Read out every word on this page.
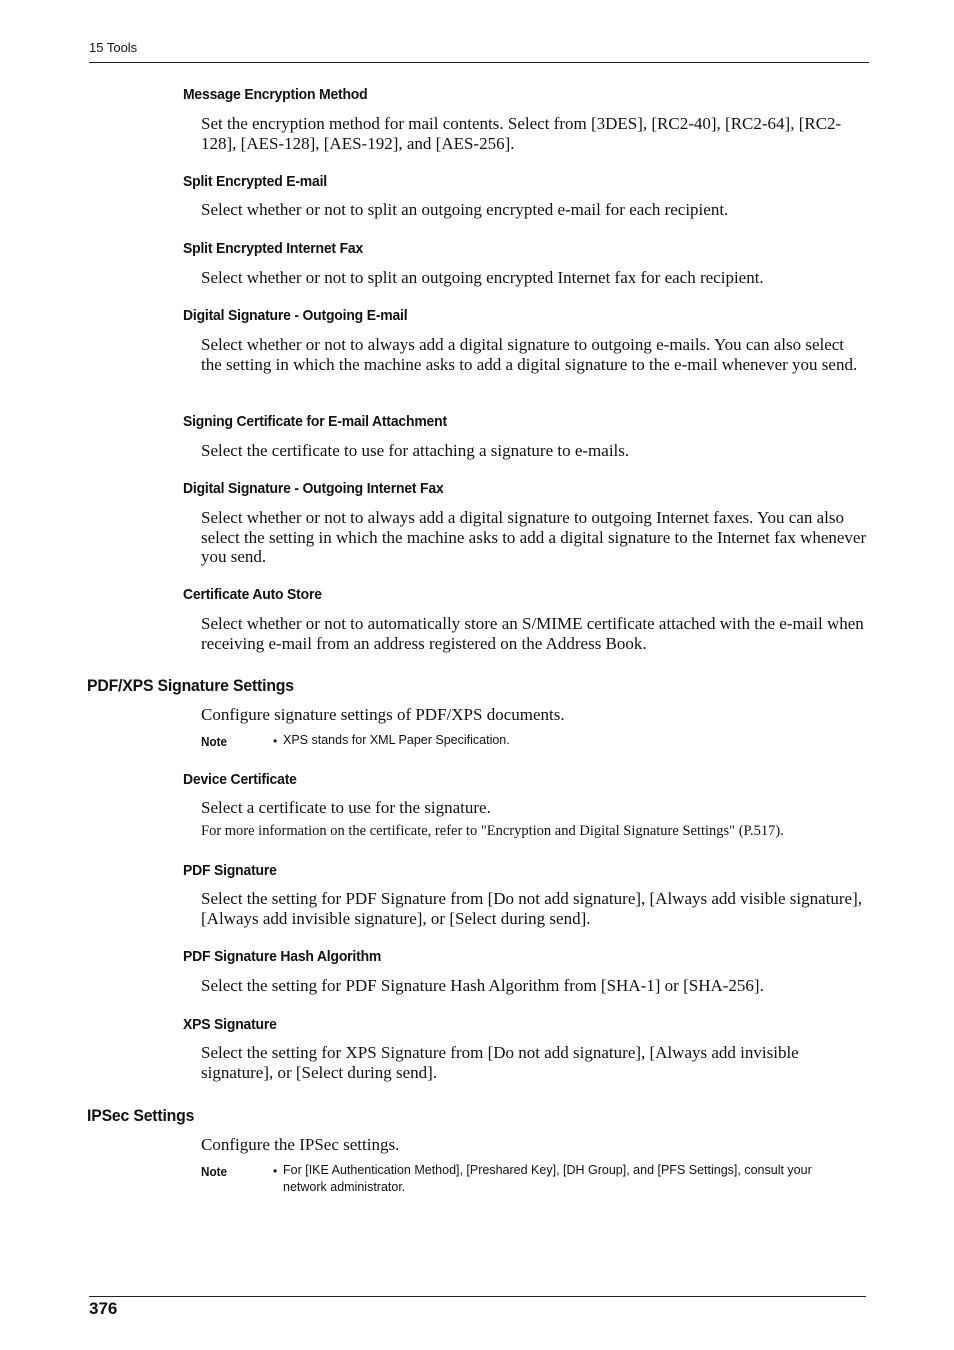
15 Tools
Message Encryption Method
Set the encryption method for mail contents. Select from [3DES], [RC2-40], [RC2-64], [RC2-128], [AES-128], [AES-192], and [AES-256].
Split Encrypted E-mail
Select whether or not to split an outgoing encrypted e-mail for each recipient.
Split Encrypted Internet Fax
Select whether or not to split an outgoing encrypted Internet fax for each recipient.
Digital Signature - Outgoing E-mail
Select whether or not to always add a digital signature to outgoing e-mails. You can also select the setting in which the machine asks to add a digital signature to the e-mail whenever you send.
Signing Certificate for E-mail Attachment
Select the certificate to use for attaching a signature to e-mails.
Digital Signature - Outgoing Internet Fax
Select whether or not to always add a digital signature to outgoing Internet faxes. You can also select the setting in which the machine asks to add a digital signature to the Internet fax whenever you send.
Certificate Auto Store
Select whether or not to automatically store an S/MIME certificate attached with the e-mail when receiving e-mail from an address registered on the Address Book.
PDF/XPS Signature Settings
Configure signature settings of PDF/XPS documents.
Note	• XPS stands for XML Paper Specification.
Device Certificate
Select a certificate to use for the signature.
For more information on the certificate, refer to "Encryption and Digital Signature Settings" (P.517).
PDF Signature
Select the setting for PDF Signature from [Do not add signature], [Always add visible signature], [Always add invisible signature], or [Select during send].
PDF Signature Hash Algorithm
Select the setting for PDF Signature Hash Algorithm from [SHA-1] or [SHA-256].
XPS Signature
Select the setting for XPS Signature from [Do not add signature], [Always add invisible signature], or [Select during send].
IPSec Settings
Configure the IPSec settings.
Note	• For [IKE Authentication Method], [Preshared Key], [DH Group], and [PFS Settings], consult your network administrator.
376
